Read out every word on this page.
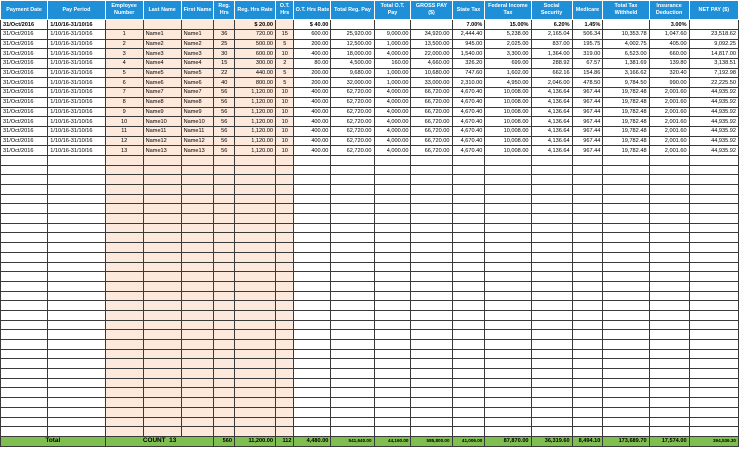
Payment Date	Pay Period	Employee Number	Last Name	First Name	Reg. Hrs	Reg. Hrs Rate	O.T. Hrs	O.T. Hrs Rate	Total Reg. Pay	Total O.T. Pay	GROSS PAY ($)	State Tax	Federal Income Tax	Social Security	Medicare	Total Tax Withheld	Insurance Deduction	NET PAY ($)
31/Oct/2016	1/10/16-31/10/16					$ 20.00		$ 40.00				7.00%	15.00%	6.20%	1.45%		3.00%	
31/Oct/2016	1/10/16-31/10/16	1	Name1	Name1	36	720.00	15	600.00	25,920.00	9,000.00	34,920.00	2,444.40	5,238.00	2,165.04	506.34	10,353.78	1,047.60	23,518.62
31/Oct/2016	1/10/16-31/10/16	2	Name2	Name2	25	500.00	5	200.00	12,500.00	1,000.00	13,500.00	945.00	2,025.00	837.00	195.75	4,002.75	405.00	9,092.25
31/Oct/2016	1/10/16-31/10/16	3	Name3	Name3	30	600.00	10	400.00	18,000.00	4,000.00	22,000.00	1,540.00	3,300.00	1,364.00	319.00	6,523.00	660.00	14,817.00
31/Oct/2016	1/10/16-31/10/16	4	Name4	Name4	15	300.00	2	80.00	4,500.00	160.00	4,660.00	326.20	699.00	288.92	67.57	1,381.69	139.80	3,138.51
31/Oct/2016	1/10/16-31/10/16	5	Name5	Name5	22	440.00	5	200.00	9,680.00	1,000.00	10,680.00	747.60	1,602.00	662.16	154.86	3,166.62	320.40	7,192.98
31/Oct/2016	1/10/16-31/10/16	6	Name6	Name6	40	800.00	5	200.00	32,000.00	1,000.00	33,000.00	2,310.00	4,950.00	2,046.00	478.50	9,784.50	990.00	22,225.50
31/Oct/2016	1/10/16-31/10/16	7	Name7	Name7	56	1,120.00	10	400.00	62,720.00	4,000.00	66,720.00	4,670.40	10,008.00	4,136.64	967.44	19,782.48	2,001.60	44,935.92
31/Oct/2016	1/10/16-31/10/16	8	Name8	Name8	56	1,120.00	10	400.00	62,720.00	4,000.00	66,720.00	4,670.40	10,008.00	4,136.64	967.44	19,782.48	2,001.60	44,935.92
31/Oct/2016	1/10/16-31/10/16	9	Name9	Name9	56	1,120.00	10	400.00	62,720.00	4,000.00	66,720.00	4,670.40	10,008.00	4,136.64	967.44	19,782.48	2,001.60	44,935.92
31/Oct/2016	1/10/16-31/10/16	10	Name10	Name10	56	1,120.00	10	400.00	62,720.00	4,000.00	66,720.00	4,670.40	10,008.00	4,136.64	967.44	19,782.48	2,001.60	44,935.92
31/Oct/2016	1/10/16-31/10/16	11	Name11	Name11	56	1,120.00	10	400.00	62,720.00	4,000.00	66,720.00	4,670.40	10,008.00	4,136.64	967.44	19,782.48	2,001.60	44,935.92
31/Oct/2016	1/10/16-31/10/16	12	Name12	Name12	56	1,120.00	10	400.00	62,720.00	4,000.00	66,720.00	4,670.40	10,008.00	4,136.64	967.44	19,782.48	2,001.60	44,935.92
31/Oct/2016	1/10/16-31/10/16	13	Name13	Name13	56	1,120.00	10	400.00	62,720.00	4,000.00	66,720.00	4,670.40	10,008.00	4,136.64	967.44	19,782.48	2,001.60	44,935.92

Total		COUNT 13			560	11,200.00	112	4,480.00	541,640.00	44,160.00	585,800.00	41,006.00	87,870.00	36,319.60	8,494.10	173,689.70	17,574.00	394,536.30
